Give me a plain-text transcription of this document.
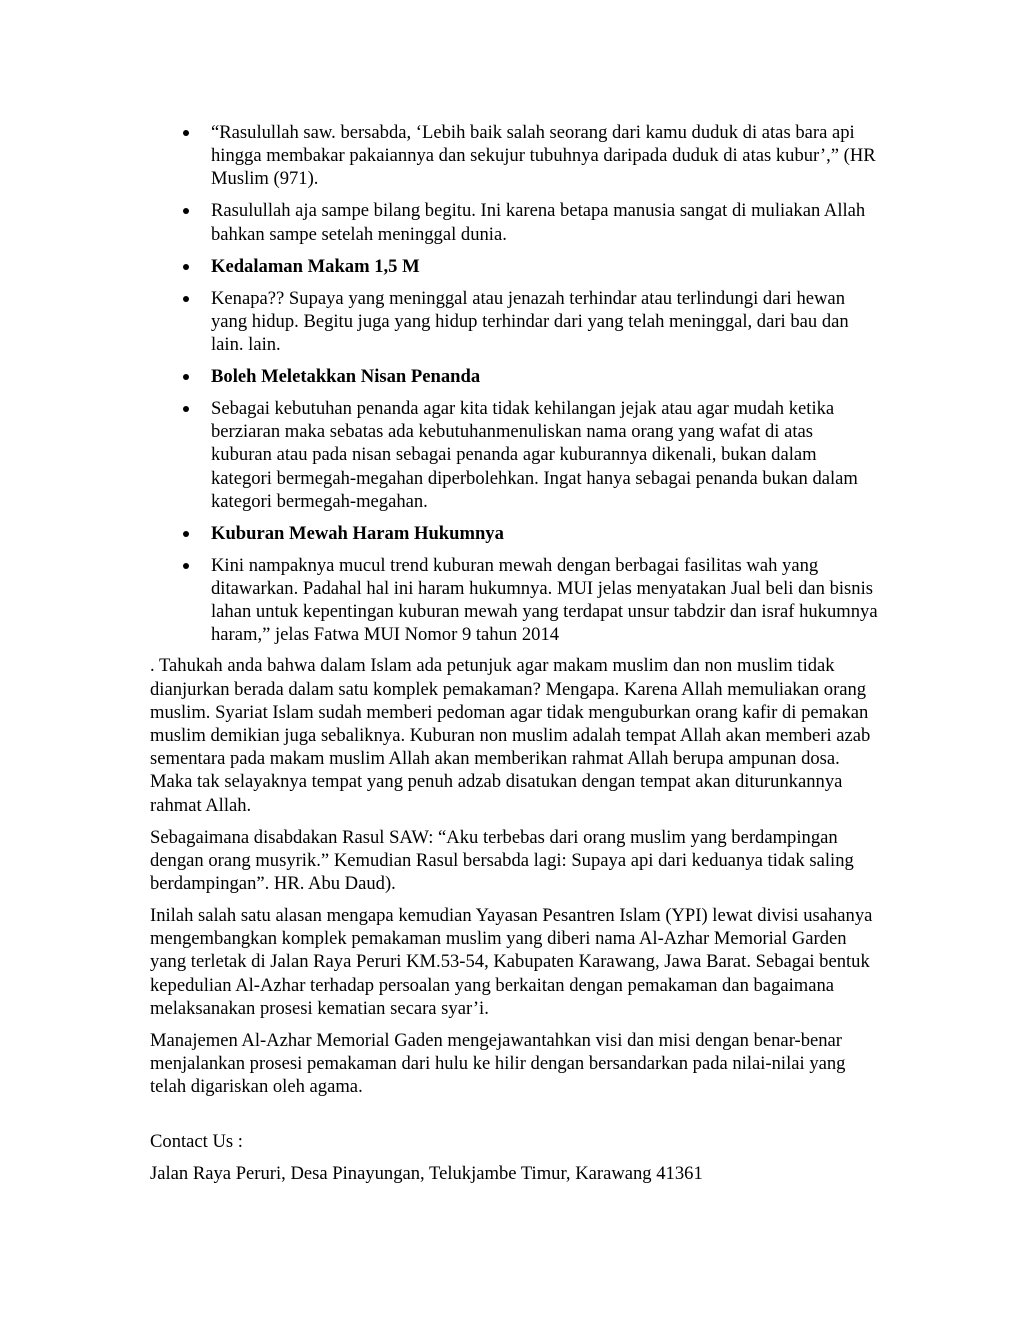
“Rasulullah saw. bersabda, ‘Lebih baik salah seorang dari kamu duduk di atas bara api hingga membakar pakaiannya dan sekujur tubuhnya daripada duduk di atas kubur’,” (HR Muslim (971).
Rasulullah aja sampe bilang begitu. Ini karena betapa manusia sangat di muliakan Allah bahkan sampe setelah meninggal dunia.
Kedalaman Makam 1,5 M
Kenapa?? Supaya yang meninggal atau jenazah terhindar atau terlindungi dari hewan yang hidup. Begitu juga yang hidup terhindar dari yang telah meninggal, dari bau dan lain. lain.
Boleh Meletakkan Nisan Penanda
Sebagai kebutuhan penanda agar kita tidak kehilangan jejak atau agar mudah ketika berziaran maka sebatas ada kebutuhanmenuliskan nama orang yang wafat di atas kuburan atau pada nisan sebagai penanda agar kuburannya dikenali, bukan dalam kategori bermegah-megahan diperbolehkan. Ingat hanya sebagai penanda bukan dalam kategori bermegah-megahan.
Kuburan Mewah Haram Hukumnya
Kini nampaknya mucul trend kuburan mewah dengan berbagai fasilitas wah yang ditawarkan. Padahal hal ini haram hukumnya. MUI jelas menyatakan Jual beli dan bisnis lahan untuk kepentingan kuburan mewah yang terdapat unsur tabdzir dan israf hukumnya haram,” jelas Fatwa MUI Nomor 9 tahun 2014

. Tahukah anda bahwa dalam Islam ada petunjuk agar makam muslim dan non muslim tidak dianjurkan berada dalam satu komplek pemakaman? Mengapa. Karena Allah memuliakan orang muslim. Syariat Islam sudah memberi pedoman agar tidak menguburkan orang kafir di pemakan muslim demikian juga sebaliknya. Kuburan non muslim adalah tempat Allah akan memberi azab sementara pada makam muslim Allah akan memberikan rahmat Allah berupa ampunan dosa. Maka tak selayaknya tempat yang penuh adzab disatukan dengan tempat akan diturunkannya rahmat Allah.

Sebagaimana disabdakan Rasul SAW: “Aku terbebas dari orang muslim yang berdampingan dengan orang musyrik.” Kemudian Rasul bersabda lagi: Supaya api dari keduanya tidak saling berdampingan”. HR. Abu Daud).

Inilah salah satu alasan mengapa kemudian Yayasan Pesantren Islam (YPI) lewat divisi usahanya mengembangkan komplek pemakaman muslim yang diberi nama Al-Azhar Memorial Garden yang terletak di Jalan Raya Peruri KM.53-54, Kabupaten Karawang, Jawa Barat. Sebagai bentuk kepedulian Al-Azhar terhadap persoalan yang berkaitan dengan pemakaman dan bagaimana melaksanakan prosesi kematian secara syar’i.

Manajemen Al-Azhar Memorial Gaden mengejawantahkan visi dan misi dengan benar-benar menjalankan prosesi pemakaman dari hulu ke hilir dengan bersandarkan pada nilai-nilai yang telah digariskan oleh agama.

Contact Us :

Jalan Raya Peruri, Desa Pinayungan, Telukjambe Timur, Karawang 41361
